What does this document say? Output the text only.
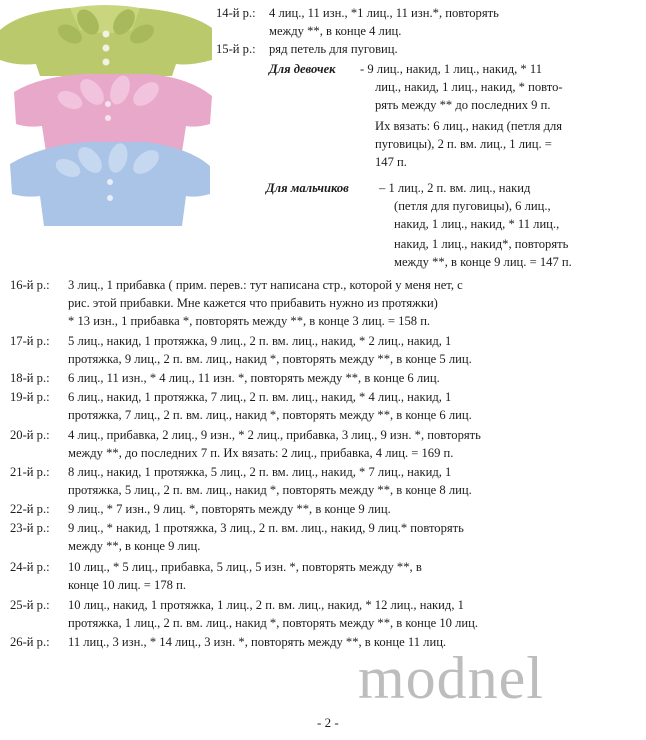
14-й р.: 4 лиц., 11 изн., *1 лиц., 11 изн.*, повторять
между **, в конце 4 лиц.
15-й р.: ряд петель для пуговиц.
Для девочек - 9 лиц., накид, 1 лиц., накид, * 11
лиц., накид, 1 лиц., накид, * повто-
рять между ** до последних 9 п.
Их вязать: 6 лиц., накид (петля для
пуговицы), 2 п. вм. лиц., 1 лиц. =
147 п.
Для мальчиков – 1 лиц., 2 п. вм. лиц., накид
(петля для пуговицы), 6 лиц.,
накид, 1 лиц., накид, * 11 лиц.,
накид, 1 лиц., накид*, повторять
между **, в конце 9 лиц. = 147 п.
16-й р.: 3 лиц., 1 прибавка ( прим. перев.: тут написана стр., которой у меня нет, с
рис. этой прибавки. Мне кажется что прибавить нужно из протяжки)
* 13 изн., 1 прибавка *, повторять между **, в конце 3 лиц. = 158 п.
17-й р.: 5 лиц., накид, 1 протяжка, 9 лиц., 2 п. вм. лиц., накид, * 2 лиц., накид, 1
протяжка, 9 лиц., 2 п. вм. лиц., накид *, повторять между **, в конце 5 лиц.
18-й р.: 6 лиц., 11 изн., * 4 лиц., 11 изн. *, повторять между **, в конце 6 лиц.
19-й р.: 6 лиц., накид, 1 протяжка, 7 лиц., 2 п. вм. лиц., накид, * 4 лиц., накид, 1
протяжка, 7 лиц., 2 п. вм. лиц., накид *, повторять между **, в конце 6 лиц.
20-й р.: 4 лиц., прибавка, 2 лиц., 9 изн., * 2 лиц., прибавка, 3 лиц., 9 изн. *, повторять
между **, до последних 7 п. Их вязать: 2 лиц., прибавка, 4 лиц. = 169 п.
21-й р.: 8 лиц., накид, 1 протяжка, 5 лиц., 2 п. вм. лиц., накид, * 7 лиц., накид, 1
протяжка, 5 лиц., 2 п. вм. лиц., накид *, повторять между **, в конце 8 лиц.
22-й р.: 9 лиц., * 7 изн., 9 лиц. *, повторять между **, в конце 9 лиц.
23-й р.: 9 лиц., * накид, 1 протяжка, 3 лиц., 2 п. вм. лиц., накид, 9 лиц.* повторять
между **, в конце 9 лиц.
24-й р.: 10 лиц., * 5 лиц., прибавка, 5 лиц., 5 изн. *, повторять между **, в
конце 10 лиц. = 178 п.
25-й р.: 10 лиц., накид, 1 протяжка, 1 лиц., 2 п. вм. лиц., накид, * 12 лиц., накид, 1
протяжка, 1 лиц., 2 п. вм. лиц., накид *, повторять между **, в конце 10 лиц.
26-й р.: 11 лиц., 3 изн., * 14 лиц., 3 изн. *, повторять между **, в конце 11 лиц.
modnel
- 2 -
